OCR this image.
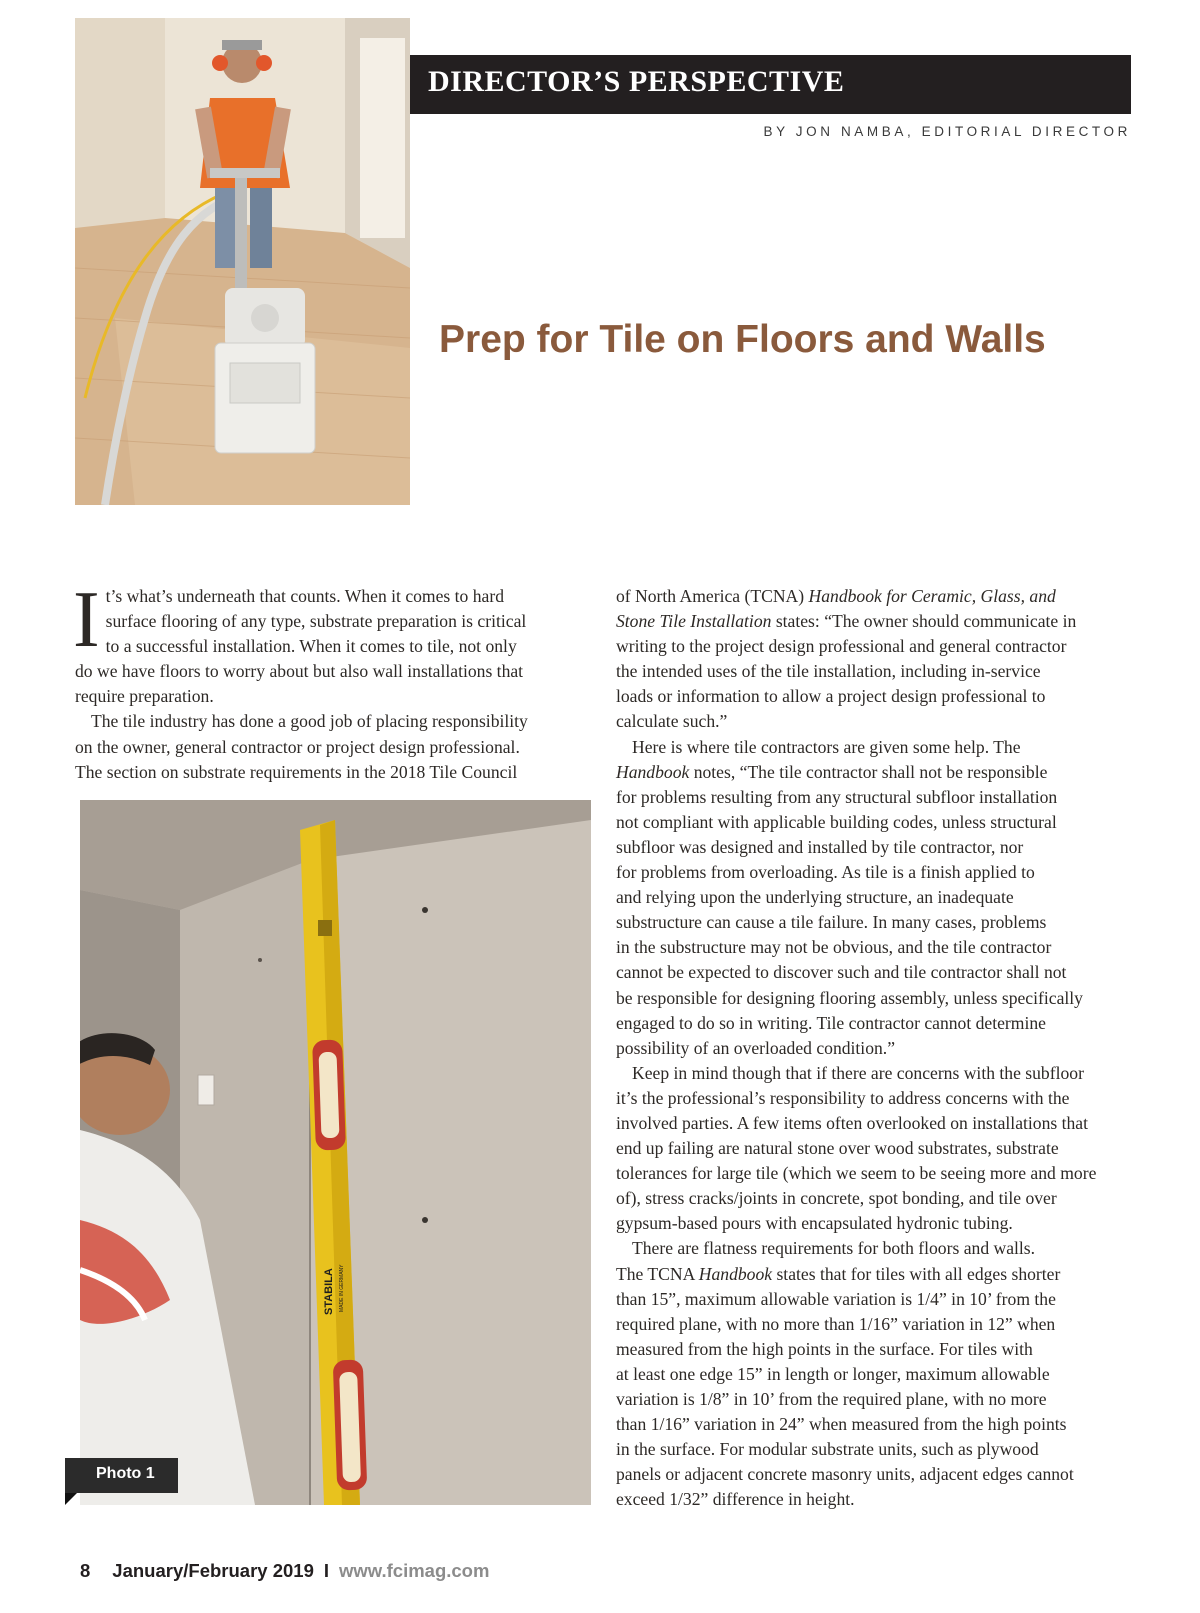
DIRECTOR’S PERSPECTIVE
BY JON NAMBA, EDITORIAL DIRECTOR
Prep for Tile on Floors and Walls

I t’s what’s underneath that counts. When it comes to hard
surface flooring of any type, substrate preparation is critical
to a successful installation. When it comes to tile, not only
do we have floors to worry about but also wall installations that
require preparation.

The tile industry has done a good job of placing responsibility
on the owner, general contractor or project design professional.
The section on substrate requirements in the 2018 Tile Council

STABILA MADE IN GERMANY
Photo 1

of North America (TCNA) Handbook for Ceramic, Glass, and
Stone Tile Installation states: “The owner should communicate in
writing to the project design professional and general contractor
the intended uses of the tile installation, including in-service
loads or information to allow a project design professional to
calculate such.”

Here is where tile contractors are given some help. The
Handbook notes, “The tile contractor shall not be responsible
for problems resulting from any structural subfloor installation
not compliant with applicable building codes, unless structural
subfloor was designed and installed by tile contractor, nor
for problems from overloading. As tile is a finish applied to
and relying upon the underlying structure, an inadequate
substructure can cause a tile failure. In many cases, problems
in the substructure may not be obvious, and the tile contractor
cannot be expected to discover such and tile contractor shall not
be responsible for designing flooring assembly, unless specifically
engaged to do so in writing. Tile contractor cannot determine
possibility of an overloaded condition.”

Keep in mind though that if there are concerns with the subfloor
it’s the professional’s responsibility to address concerns with the
involved parties. A few items often overlooked on installations that
end up failing are natural stone over wood substrates, substrate
tolerances for large tile (which we seem to be seeing more and more
of), stress cracks/joints in concrete, spot bonding, and tile over
gypsum-based pours with encapsulated hydronic tubing.

There are flatness requirements for both floors and walls.
The TCNA Handbook states that for tiles with all edges shorter
than 15”, maximum allowable variation is 1/4” in 10’ from the
required plane, with no more than 1/16” variation in 12” when
measured from the high points in the surface. For tiles with
at least one edge 15” in length or longer, maximum allowable
variation is 1/8” in 10’ from the required plane, with no more
than 1/16” variation in 24” when measured from the high points
in the surface. For modular substrate units, such as plywood
panels or adjacent concrete masonry units, adjacent edges cannot
exceed 1/32” difference in height.

8 January/February 2019 I www.fcimag.com
